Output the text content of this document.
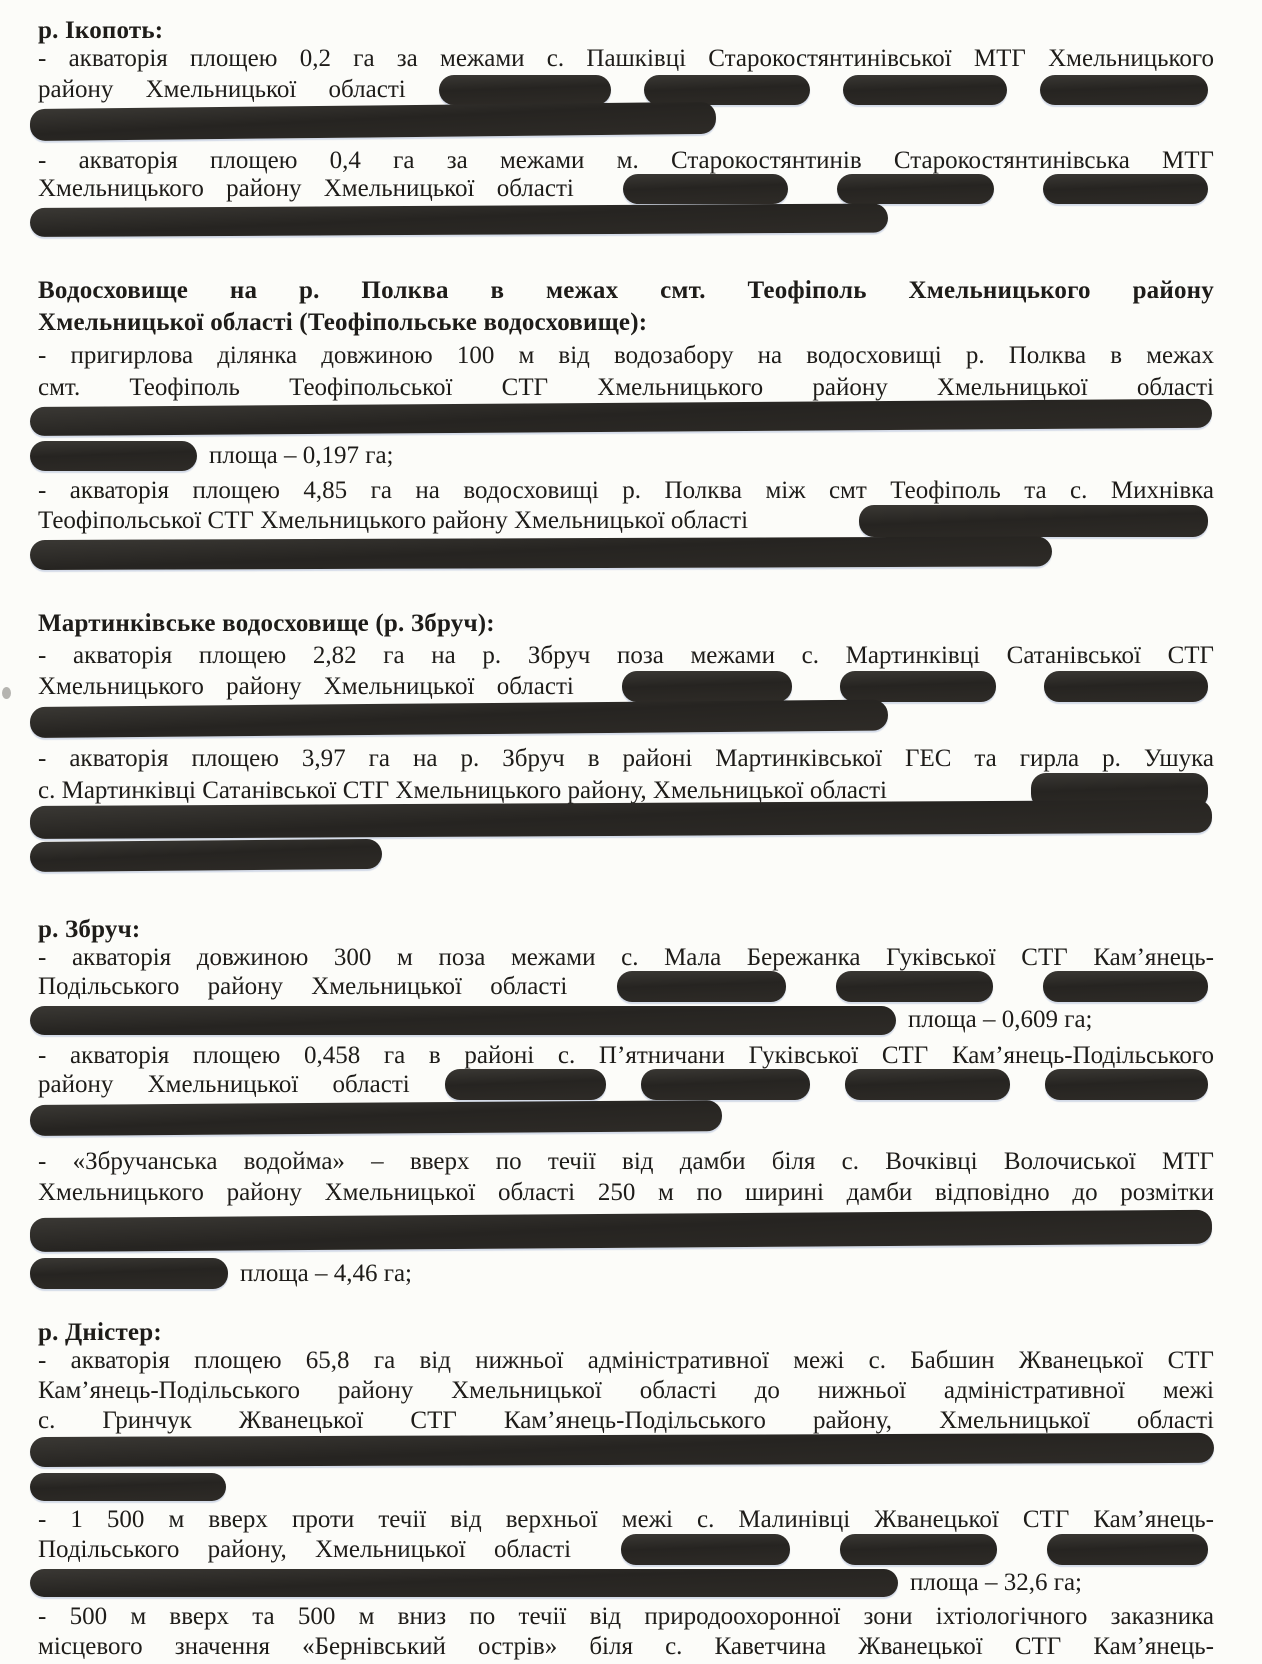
р. Ікопоть:
- акваторія площею 0,2 га за межами с. Пашківці Старокостянтинівської МТГ Хмельницького
району Хмельницької області
- акваторія площею 0,4 га за межами м. Старокостянтинів Старокостянтинівська МТГ
Хмельницького району Хмельницької області
Водосховище на р. Полква в межах смт. Теофіполь Хмельницького району
Хмельницької області (Теофіпольське водосховище):
- пригирлова ділянка довжиною 100 м від водозабору на водосховищі р. Полква в межах
смт. Теофіполь Теофіпольської СТГ Хмельницького району Хмельницької області
площа – 0,197 га;
- акваторія площею 4,85 га на водосховищі р. Полква між смт Теофіполь та с. Михнівка
Теофіпольської СТГ Хмельницького району Хмельницької області
Мартинківське водосховище (р. Збруч):
- акваторія площею 2,82 га на р. Збруч поза межами с. Мартинківці Сатанівської СТГ
Хмельницького району Хмельницької області
- акваторія площею 3,97 га на р. Збруч в районі Мартинківської ГЕС та гирла р. Ушука
с. Мартинківці Сатанівської СТГ Хмельницького району, Хмельницької області
р. Збруч:
- акваторія довжиною 300 м поза межами с. Мала Бережанка Гуківської СТГ Кам’янець-
Подільського району Хмельницької області
площа – 0,609 га;
- акваторія площею 0,458 га в районі с. П’ятничани Гуківської СТГ Кам’янець-Подільського
району Хмельницької області
- «Збручанська водойма» – вверх по течії від дамби біля с. Вочківці Волочиської МТГ
Хмельницького району Хмельницької області 250 м по ширині дамби відповідно до розмітки
площа – 4,46 га;
р. Дністер:
- акваторія площею 65,8 га від нижньої адміністративної межі с. Бабшин Жванецької СТГ
Кам’янець-Подільського району Хмельницької області до нижньої адміністративної межі
с. Гринчук Жванецької СТГ Кам’янець-Подільського району, Хмельницької області
- 1 500 м вверх проти течії від верхньої межі с. Малинівці Жванецької СТГ Кам’янець-
Подільського району, Хмельницької області
площа – 32,6 га;
- 500 м вверх та 500 м вниз по течії від природоохоронної зони іхтіологічного заказника
місцевого значення «Бернівський острів» біля с. Каветчина Жванецької СТГ Кам’янець-
